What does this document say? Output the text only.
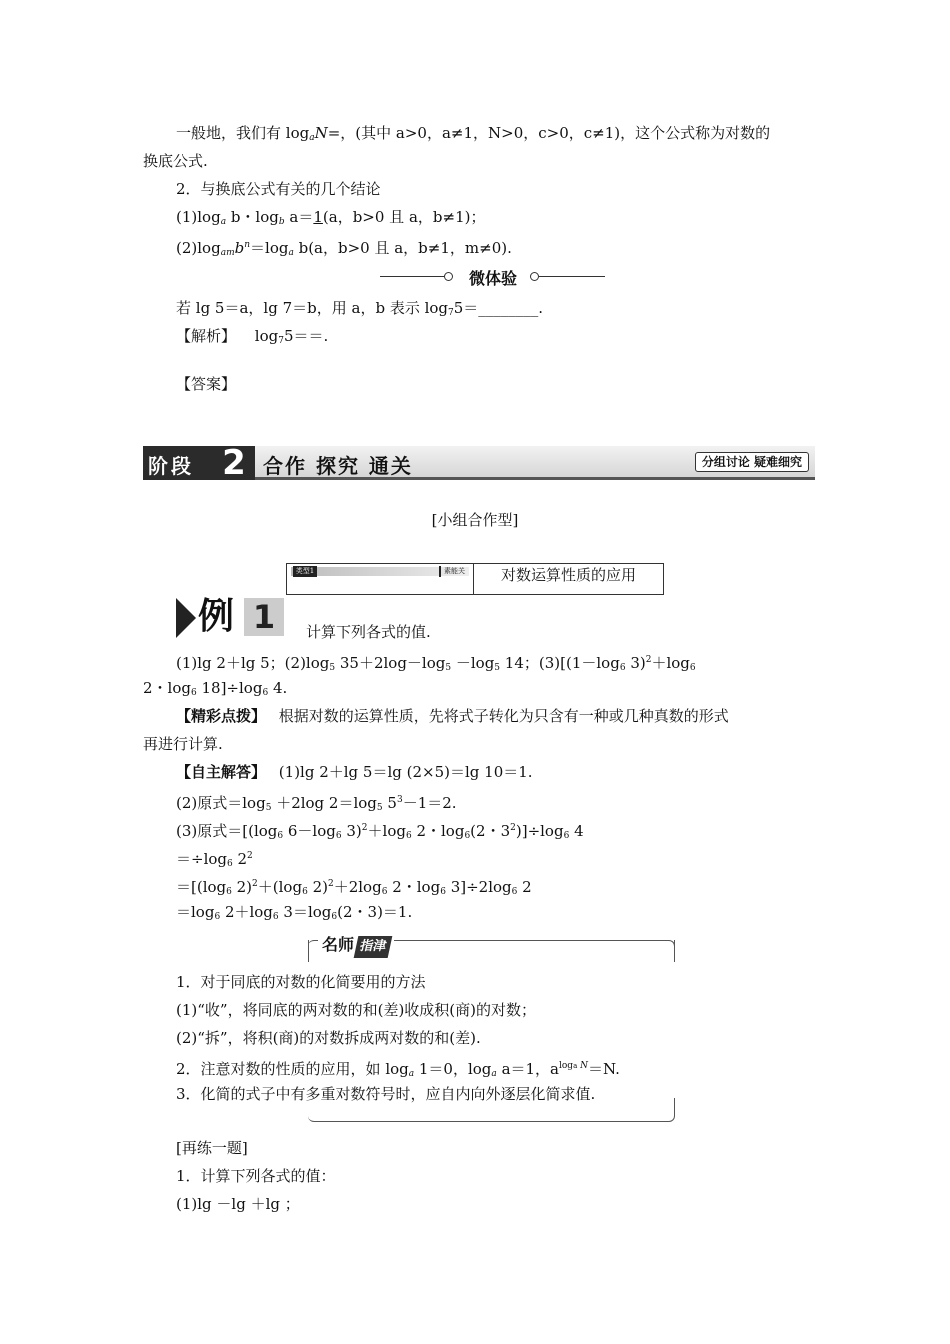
一般地，我们有 $\log_aN=$，(其中 a>0，a≠1，N>0，c>0，c≠1)，这个公式称为对数的
换底公式.
2．与换底公式有关的几个结论
$(1)\log_a$ b・$\log_b a=1(a$，b>0 且 a，b≠1)；
$(2)\log_{am}b^n=\log_a$ b(a，b>0 且 a，b≠1，m≠0).
微体验
若 lg 5＝a，lg 7＝b，用 a，b 表示 $\log_75=\_\_\_\_\_\_\_\_$.
【解析】 $\log_75==$.
【答案】
阶段 2 合作 探究 通关	分组讨论 疑难细究
[小组合作型]
类型1	素能关	对数运算性质的应用
例 1	计算下列各式的值.
(1)lg 2＋lg 5；$(2)\log_5$ $35+2\log-\log_5 -\log_5$ 14；$(3)[(1-\log_6$ $3)^2+\log_6$
2・$\log_6 18]\div\log_6$ 4.
【精彩点拨】 根据对数的运算性质，先将式子转化为只含有一种或几种真数的形式
再进行计算.
【自主解答】 (1)lg 2＋lg 5＝lg (2×5)＝lg 10＝1.
(2)原式$=\log_5 +2\log$ $2=\log_5$ $5^3-1=2$.
(3)原式$=[(\log_6$ $6-\log_6$ $3)^2+\log_6$ 2・$\log_6(2$・$3^2)]\div\log_6$ 4
$=\div\log_6$ $2^2$
$=[(\log_6$ $2)^2+(\log_6$ $2)^2+2\log_6$ 2・$\log_6 3]\div 2\log_6$ 2
$=\log_6$ $2+\log_6$ $3=\log_6(2$・3)＝1.
名师 指津
1．对于同底的对数的化简要用的方法
(1)“收”，将同底的两对数的和(差)收成积(商)的对数；
(2)“拆”，将积(商)的对数拆成两对数的和(差).
2．注意对数的性质的应用，如 $\log_a 1=0$，$\log_a a=1$，$a^{loga N}=N$.
3．化简的式子中有多重对数符号时，应自内向外逐层化简求值.
[再练一题]
1．计算下列各式的值：
(1)lg －lg ＋lg ；
